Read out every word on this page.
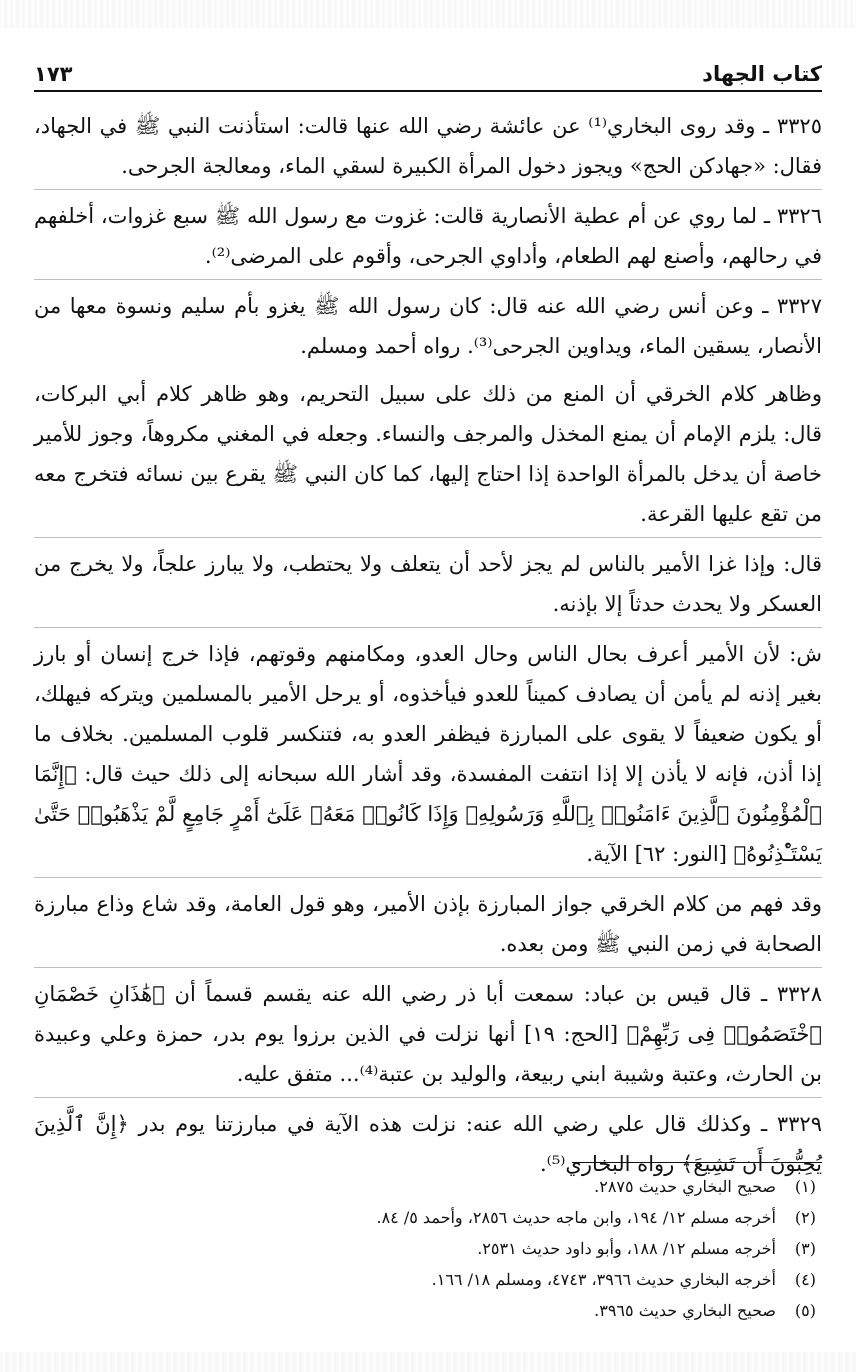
كتاب الجهاد
١٧٣

٣٣٢٥ ـ وقد روى البخاري⁽¹⁾ عن عائشة رضي الله عنها قالت: استأذنت النبي ﷺ في الجهاد، فقال: «جهادكن الحج» ويجوز دخول المرأة الكبيرة لسقي الماء، ومعالجة الجرحى.

٣٣٢٦ ـ لما روي عن أم عطية الأنصارية قالت: غزوت مع رسول الله ﷺ سبع غزوات، أخلفهم في رحالهم، وأصنع لهم الطعام، وأداوي الجرحى، وأقوم على المرضى⁽²⁾.

٣٣٢٧ ـ وعن أنس رضي الله عنه قال: كان رسول الله ﷺ يغزو بأم سليم ونسوة معها من الأنصار، يسقين الماء، ويداوين الجرحى⁽³⁾. رواه أحمد ومسلم.

وظاهر كلام الخرقي أن المنع من ذلك على سبيل التحريم، وهو ظاهر كلام أبي البركات، قال: يلزم الإمام أن يمنع المخذل والمرجف والنساء. وجعله في المغني مكروهاً، وجوز للأمير خاصة أن يدخل بالمرأة الواحدة إذا احتاج إليها، كما كان النبي ﷺ يقرع بين نسائه فتخرج معه من تقع عليها القرعة.

قال: وإذا غزا الأمير بالناس لم يجز لأحد أن يتعلف ولا يحتطب، ولا يبارز علجاً، ولا يخرج من العسكر ولا يحدث حدثاً إلا بإذنه.

ش: لأن الأمير أعرف بحال الناس وحال العدو، ومكامنهم وقوتهم، فإذا خرج إنسان أو بارز بغير إذنه لم يأمن أن يصادف كميناً للعدو فيأخذوه، أو يرحل الأمير بالمسلمين ويتركه فيهلك، أو يكون ضعيفاً لا يقوى على المبارزة فيظفر العدو به، فتنكسر قلوب المسلمين. بخلاف ما إذا أذن، فإنه لا يأذن إلا إذا انتفت المفسدة، وقد أشار الله سبحانه إلى ذلك حيث قال: ﴿إِنَّمَا ٱلْمُؤْمِنُونَ ٱلَّذِينَ ءَامَنُوا۟ بِٱللَّهِ وَرَسُولِهِۦ وَإِذَا كَانُوا۟ مَعَهُۥ عَلَىٰٓ أَمْرٍ جَامِعٍ لَّمْ يَذْهَبُوا۟ حَتَّىٰ يَسْتَـْٔذِنُوهُ﴾ [النور: ٦٢] الآية.

وقد فهم من كلام الخرقي جواز المبارزة بإذن الأمير، وهو قول العامة، وقد شاع وذاع مبارزة الصحابة في زمن النبي ﷺ ومن بعده.

٣٣٢٨ ـ قال قيس بن عباد: سمعت أبا ذر رضي الله عنه يقسم قسماً أن ﴿هَٰذَانِ خَصْمَانِ ٱخْتَصَمُوا۟ فِى رَبِّهِمْ﴾ [الحج: ١٩] أنها نزلت في الذين برزوا يوم بدر، حمزة وعلي وعبيدة بن الحارث، وعتبة وشيبة ابني ربيعة، والوليد بن عتبة⁽⁴⁾... متفق عليه.

٣٣٢٩ ـ وكذلك قال علي رضي الله عنه: نزلت هذه الآية في مبارزتنا يوم بدر ﴿إِنَّ ٱلَّذِينَ يُحِبُّونَ أَن تَشِيعَ﴾ رواه البخاري⁽⁵⁾.

(١)
صحيح البخاري حديث ٢٨٧٥.
(٢)
أخرجه مسلم ١٢/ ١٩٤، وابن ماجه حديث ٢٨٥٦، وأحمد ٥/ ٨٤.
(٣)
أخرجه مسلم ١٢/ ١٨٨، وأبو داود حديث ٢٥٣١.
(٤)
أخرجه البخاري حديث ٣٩٦٦، ٤٧٤٣، ومسلم ١٨/ ١٦٦.
(٥)
صحيح البخاري حديث ٣٩٦٥.
